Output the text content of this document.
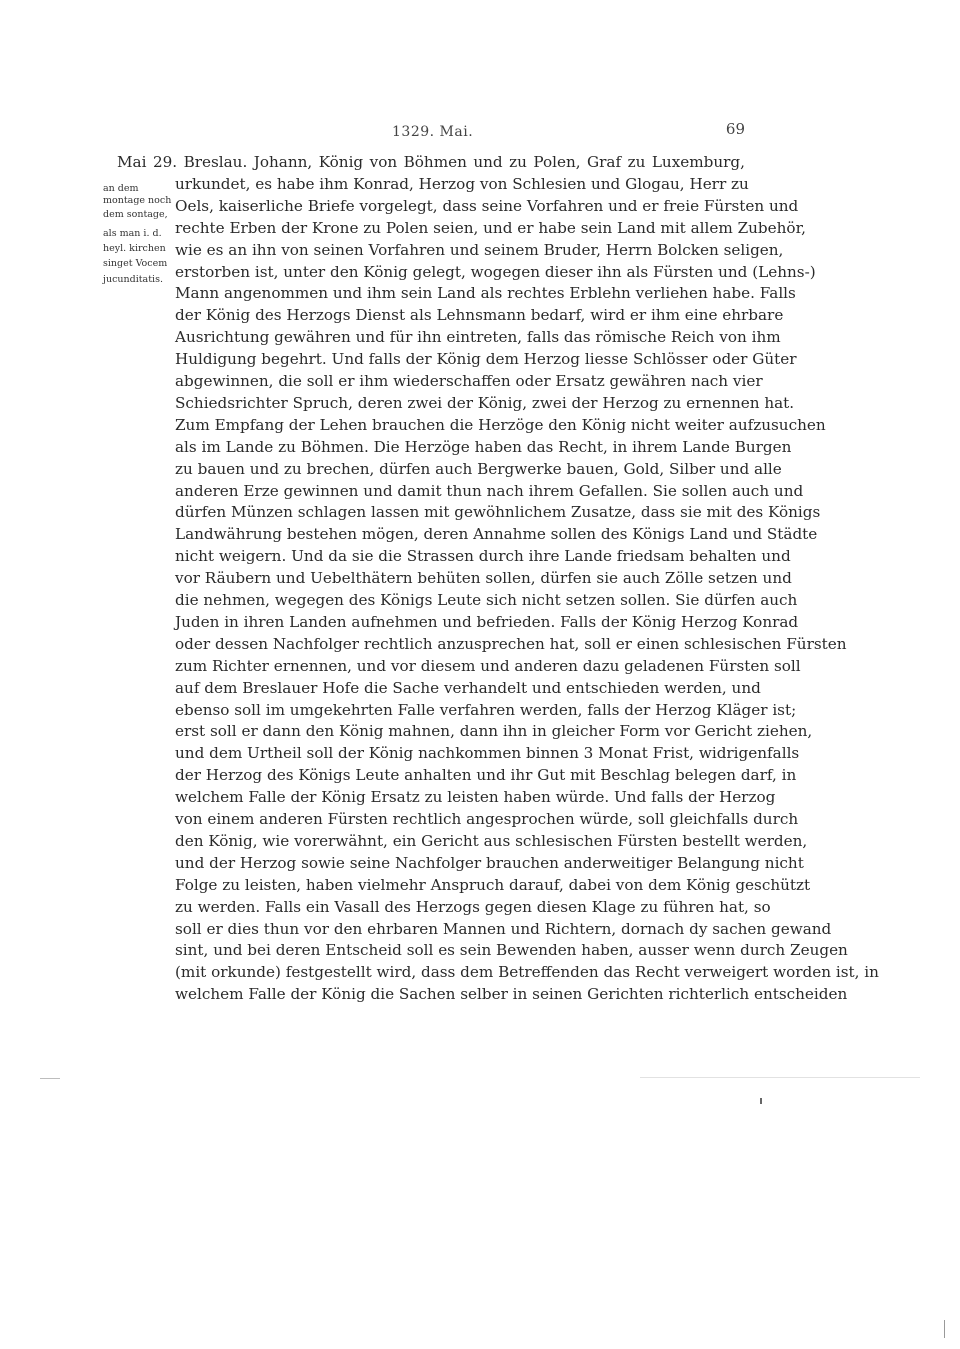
1329. Mai.	69
an dem
montage noch
dem sontage,
als man i. d.
heyl. kirchen
singet Vocem
jucunditatis.
Mai 29. Breslau. Johann, König von Böhmen und zu Polen, Graf zu Luxemburg,
urkundet, es habe ihm Konrad, Herzog von Schlesien und Glogau, Herr zu
Oels, kaiserliche Briefe vorgelegt, dass seine Vorfahren und er freie Fürsten und
rechte Erben der Krone zu Polen seien, und er habe sein Land mit allem Zubehör,
wie es an ihn von seinen Vorfahren und seinem Bruder, Herrn Bolcken seligen,
erstorben ist, unter den König gelegt, wogegen dieser ihn als Fürsten und (Lehns-)
Mann angenommen und ihm sein Land als rechtes Erblehn verliehen habe. Falls
der König des Herzogs Dienst als Lehnsmann bedarf, wird er ihm eine ehrbare
Ausrichtung gewähren und für ihn eintreten, falls das römische Reich von ihm
Huldigung begehrt. Und falls der König dem Herzog liesse Schlösser oder Güter
abgewinnen, die soll er ihm wiederschaffen oder Ersatz gewähren nach vier
Schiedsrichter Spruch, deren zwei der König, zwei der Herzog zu ernennen hat.
Zum Empfang der Lehen brauchen die Herzöge den König nicht weiter aufzusuchen
als im Lande zu Böhmen. Die Herzöge haben das Recht, in ihrem Lande Burgen
zu bauen und zu brechen, dürfen auch Bergwerke bauen, Gold, Silber und alle
anderen Erze gewinnen und damit thun nach ihrem Gefallen. Sie sollen auch und
dürfen Münzen schlagen lassen mit gewöhnlichem Zusatze, dass sie mit des Königs
Landwährung bestehen mögen, deren Annahme sollen des Königs Land und Städte
nicht weigern. Und da sie die Strassen durch ihre Lande friedsam behalten und
vor Räubern und Uebelthätern behüten sollen, dürfen sie auch Zölle setzen und
die nehmen, wegegen des Königs Leute sich nicht setzen sollen. Sie dürfen auch
Juden in ihren Landen aufnehmen und befrieden. Falls der König Herzog Konrad
oder dessen Nachfolger rechtlich anzusprechen hat, soll er einen schlesischen Fürsten
zum Richter ernennen, und vor diesem und anderen dazu geladenen Fürsten soll
auf dem Breslauer Hofe die Sache verhandelt und entschieden werden, und
ebenso soll im umgekehrten Falle verfahren werden, falls der Herzog Kläger ist;
erst soll er dann den König mahnen, dann ihn in gleicher Form vor Gericht ziehen,
und dem Urtheil soll der König nachkommen binnen 3 Monat Frist, widrigenfalls
der Herzog des Königs Leute anhalten und ihr Gut mit Beschlag belegen darf, in
welchem Falle der König Ersatz zu leisten haben würde. Und falls der Herzog
von einem anderen Fürsten rechtlich angesprochen würde, soll gleichfalls durch
den König, wie vorerwähnt, ein Gericht aus schlesischen Fürsten bestellt werden,
und der Herzog sowie seine Nachfolger brauchen anderweitiger Belangung nicht
Folge zu leisten, haben vielmehr Anspruch darauf, dabei von dem König geschützt
zu werden. Falls ein Vasall des Herzogs gegen diesen Klage zu führen hat, so
soll er dies thun vor den ehrbaren Mannen und Richtern, dornach dy sachen gewand
sint, und bei deren Entscheid soll es sein Bewenden haben, ausser wenn durch Zeugen
(mit orkunde) festgestellt wird, dass dem Betreffenden das Recht verweigert worden ist, in
welchem Falle der König die Sachen selber in seinen Gerichten richterlich entscheiden
